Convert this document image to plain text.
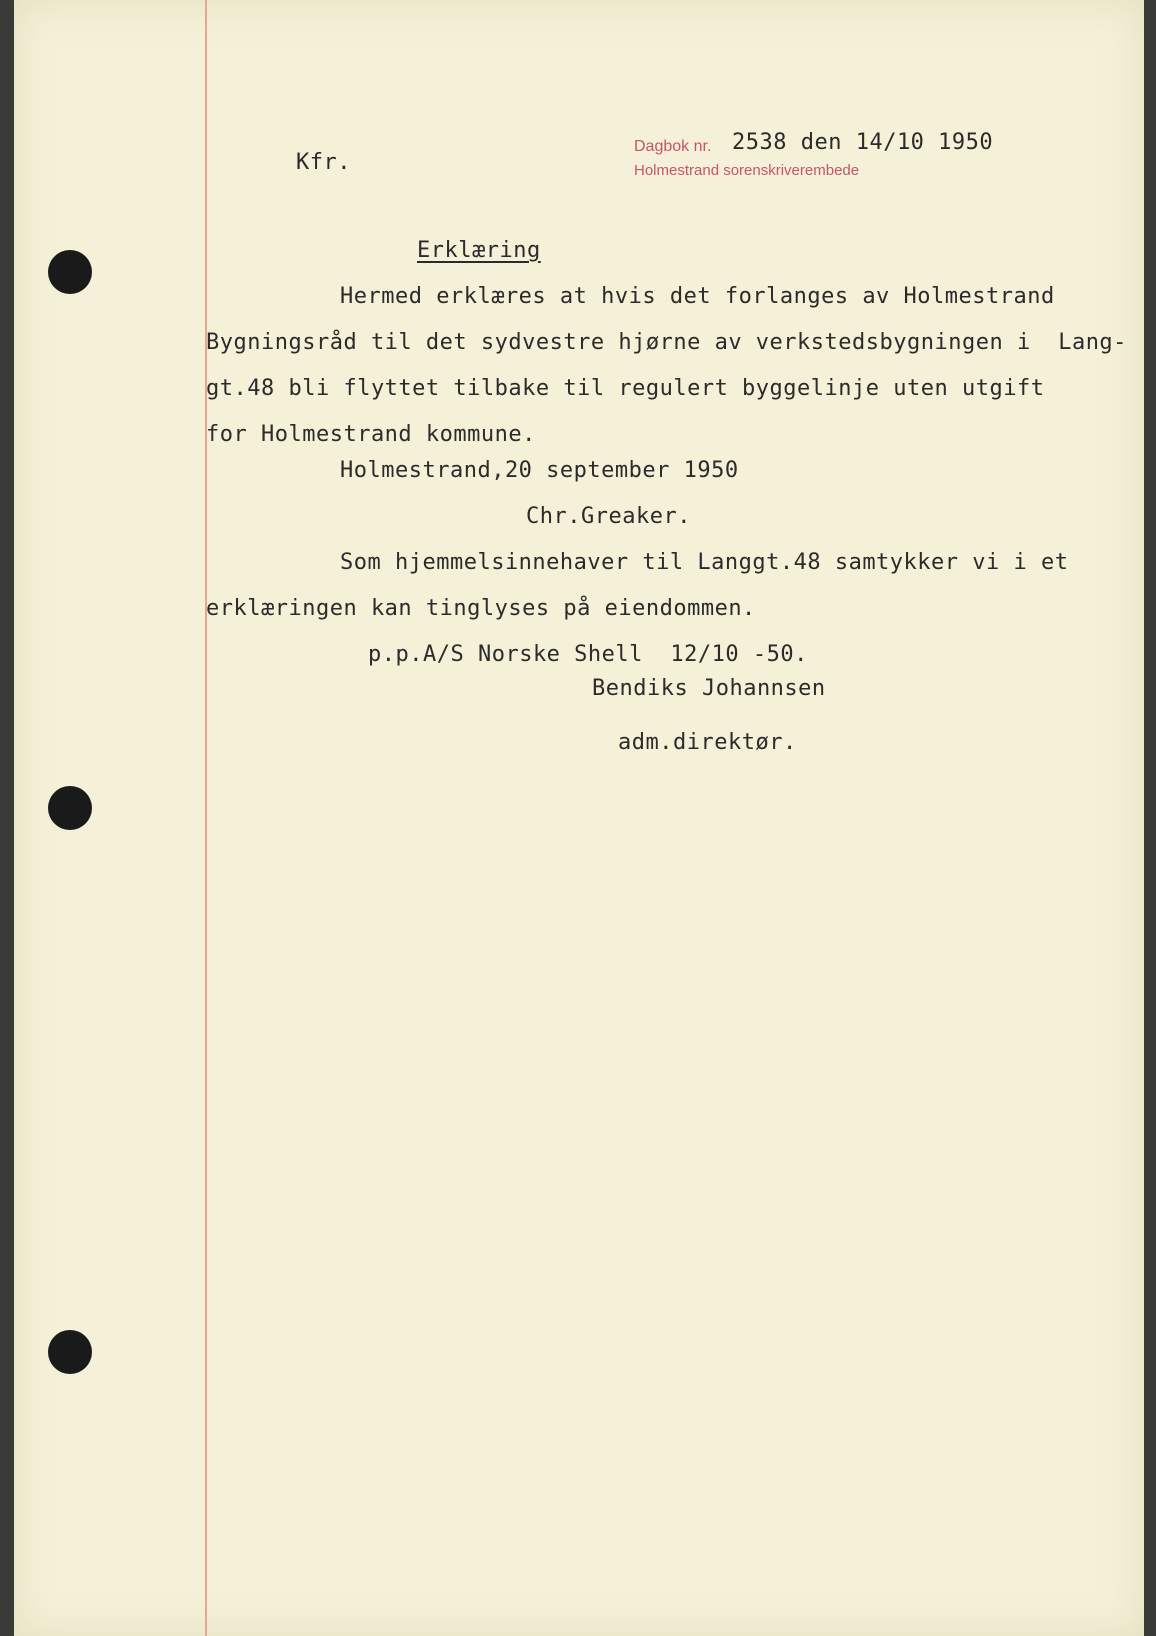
Kfr.
Dagbok nr. 2538 den 14/10 1950
Holmestrand sorenskriverembede
Erklæring
Hermed erklæres at hvis det forlanges av Holmestrand
Bygningsråd til det sydvestre hjørne av verkstedsbygningen i  Lang-
gt.48 bli flyttet tilbake til regulert byggelinje uten utgift
for Holmestrand kommune.
Holmestrand,20 september 1950
Chr.Greaker.
Som hjemmelsinnehaver til Langgt.48 samtykker vi i et
erklæringen kan tinglyses på eiendommen.
p.p.A/S Norske Shell  12/10 -50.
Bendiks Johannsen
adm.direktør.
